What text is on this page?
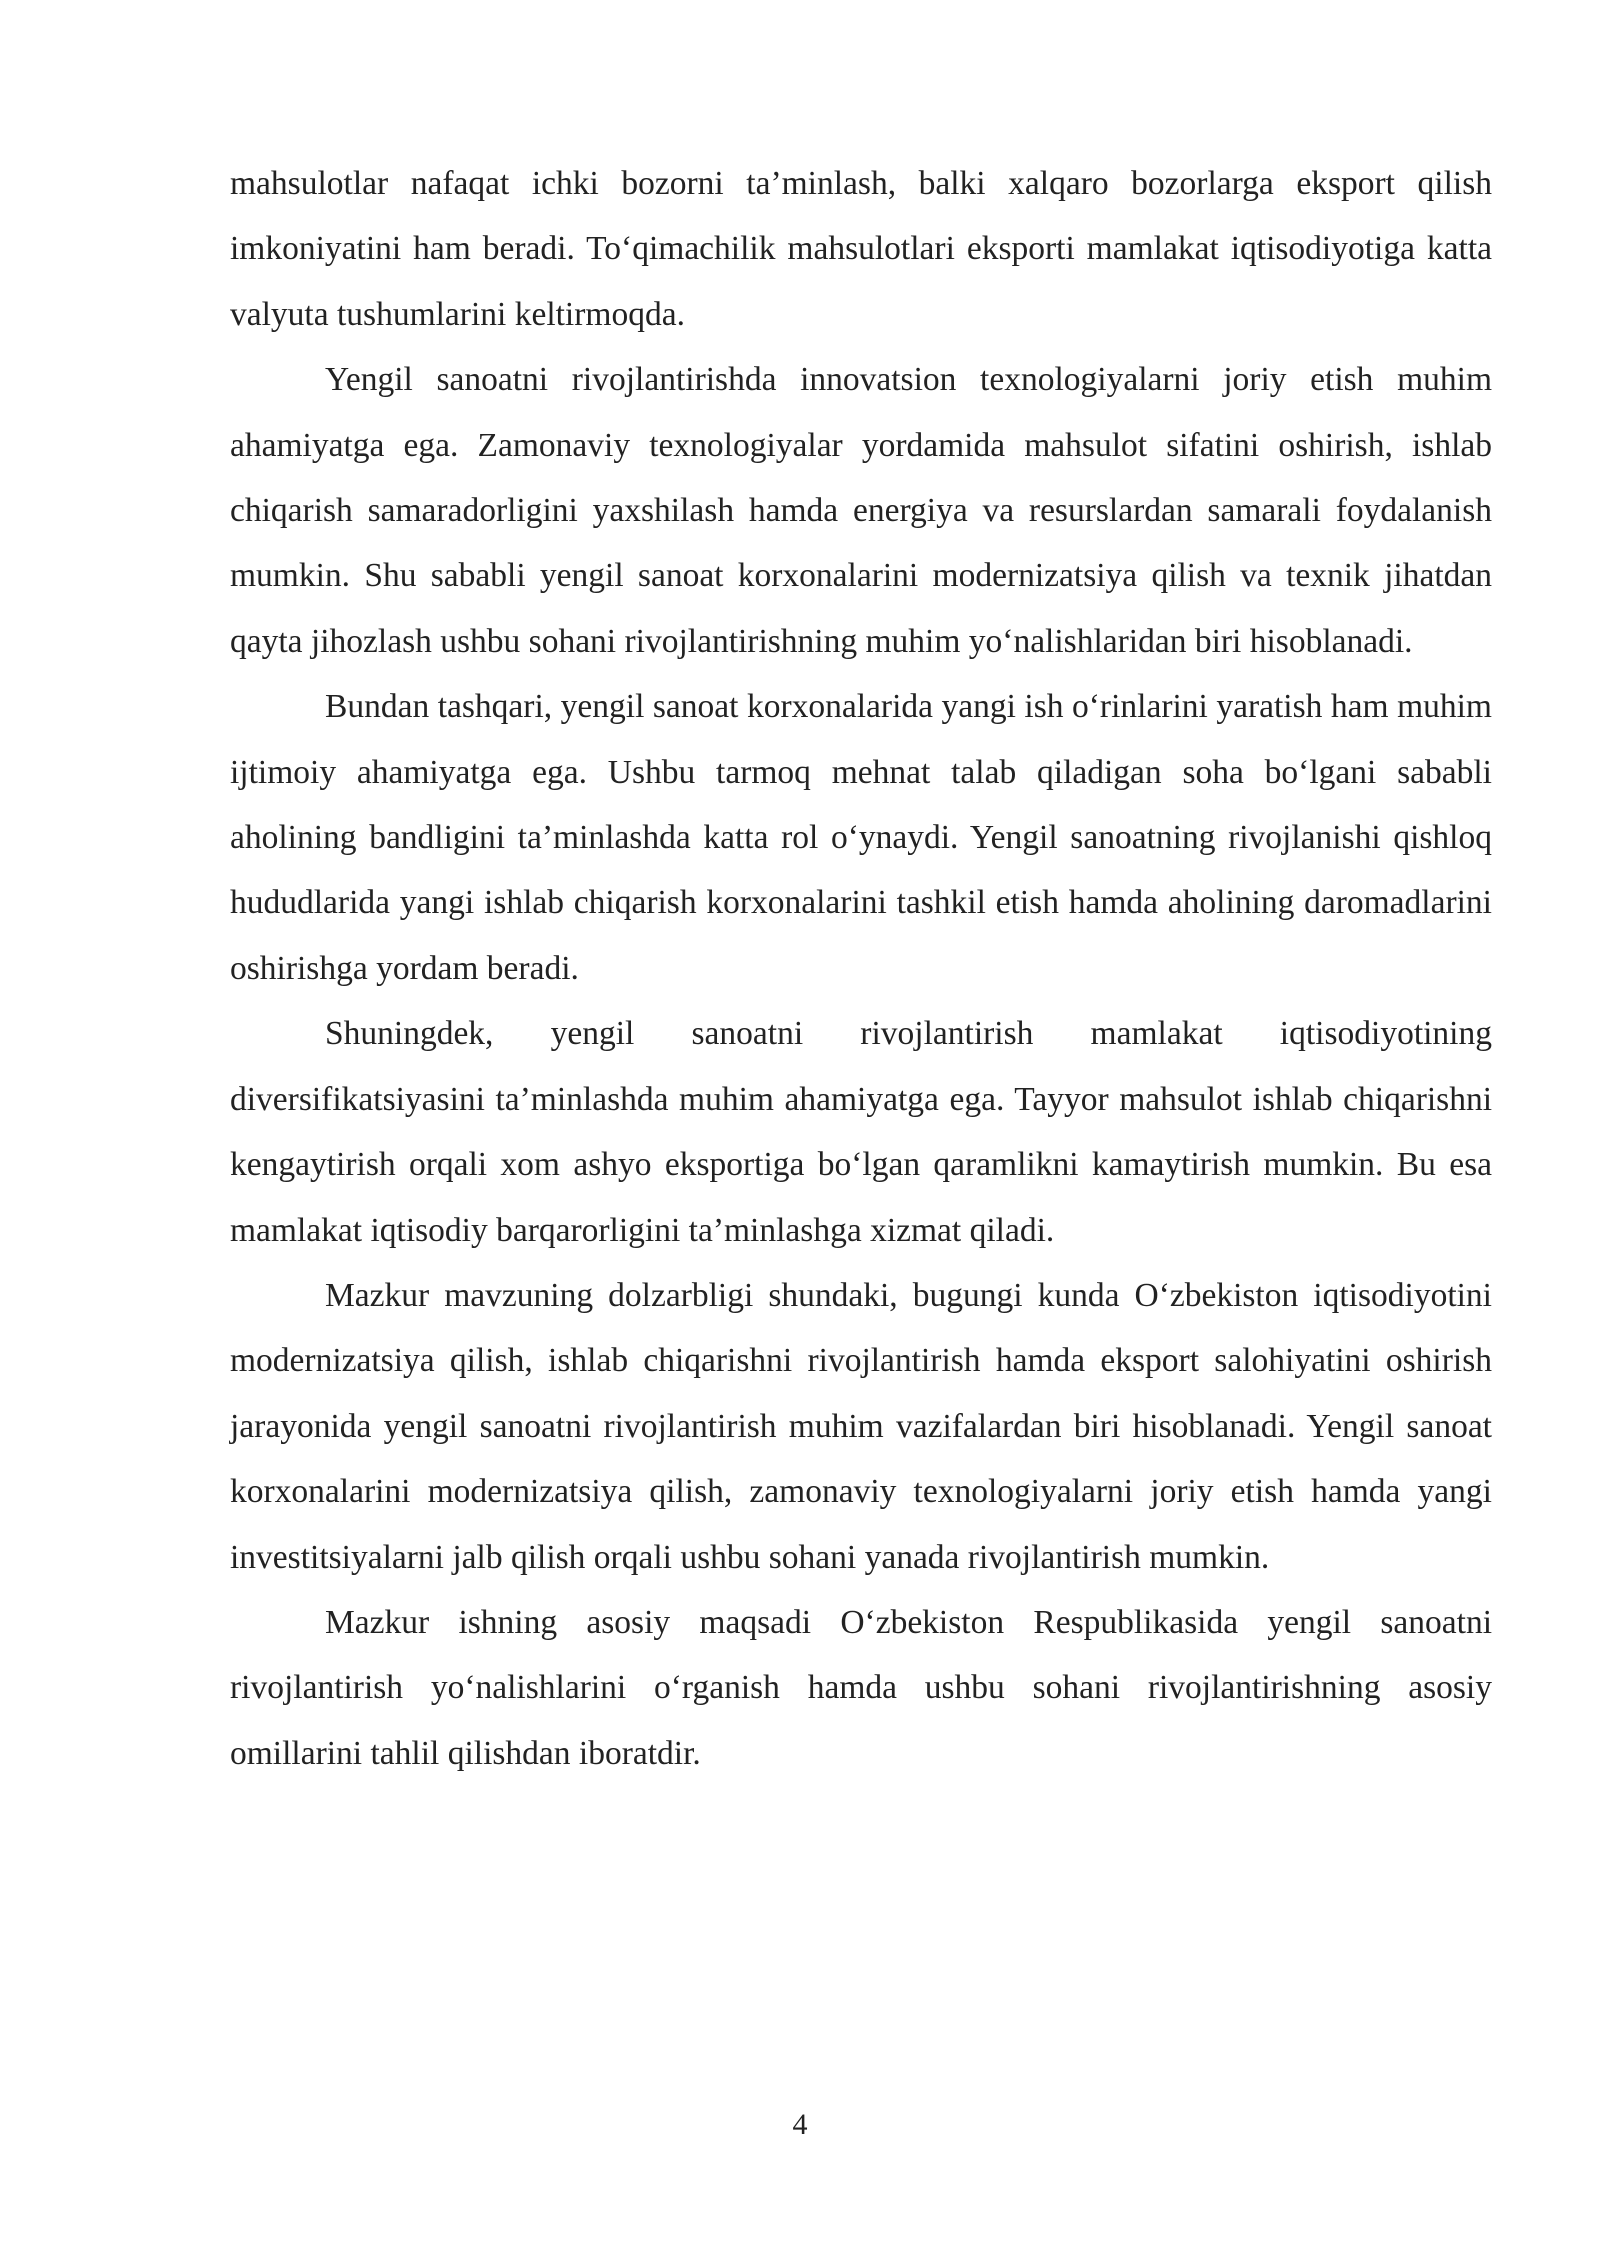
mahsulotlar nafaqat ichki bozorni ta’minlash, balki xalqaro bozorlarga eksport qilish imkoniyatini ham beradi. To‘qimachilik mahsulotlari eksporti mamlakat iqtisodiyotiga katta valyuta tushumlarini keltirmoqda.

Yengil sanoatni rivojlantirishda innovatsion texnologiyalarni joriy etish muhim ahamiyatga ega. Zamonaviy texnologiyalar yordamida mahsulot sifatini oshirish, ishlab chiqarish samaradorligini yaxshilash hamda energiya va resurslardan samarali foydalanish mumkin. Shu sababli yengil sanoat korxonalarini modernizatsiya qilish va texnik jihatdan qayta jihozlash ushbu sohani rivojlantirishning muhim yo‘nalishlaridan biri hisoblanadi.

Bundan tashqari, yengil sanoat korxonalarida yangi ish o‘rinlarini yaratish ham muhim ijtimoiy ahamiyatga ega. Ushbu tarmoq mehnat talab qiladigan soha bo‘lgani sababli aholining bandligini ta’minlashda katta rol o‘ynaydi. Yengil sanoatning rivojlanishi qishloq hududlarida yangi ishlab chiqarish korxonalarini tashkil etish hamda aholining daromadlarini oshirishga yordam beradi.

Shuningdek, yengil sanoatni rivojlantirish mamlakat iqtisodiyotining diversifikatsiyasini ta’minlashda muhim ahamiyatga ega. Tayyor mahsulot ishlab chiqarishni kengaytirish orqali xom ashyo eksportiga bo‘lgan qaramlikni kamaytirish mumkin. Bu esa mamlakat iqtisodiy barqarorligini ta’minlashga xizmat qiladi.

Mazkur mavzuning dolzarbligi shundaki, bugungi kunda O‘zbekiston iqtisodiyotini modernizatsiya qilish, ishlab chiqarishni rivojlantirish hamda eksport salohiyatini oshirish jarayonida yengil sanoatni rivojlantirish muhim vazifalardan biri hisoblanadi. Yengil sanoat korxonalarini modernizatsiya qilish, zamonaviy texnologiyalarni joriy etish hamda yangi investitsiyalarni jalb qilish orqali ushbu sohani yanada rivojlantirish mumkin.

Mazkur ishning asosiy maqsadi O‘zbekiston Respublikasida yengil sanoatni rivojlantirish yo‘nalishlarini o‘rganish hamda ushbu sohani rivojlantirishning asosiy omillarini tahlil qilishdan iboratdir.

4
